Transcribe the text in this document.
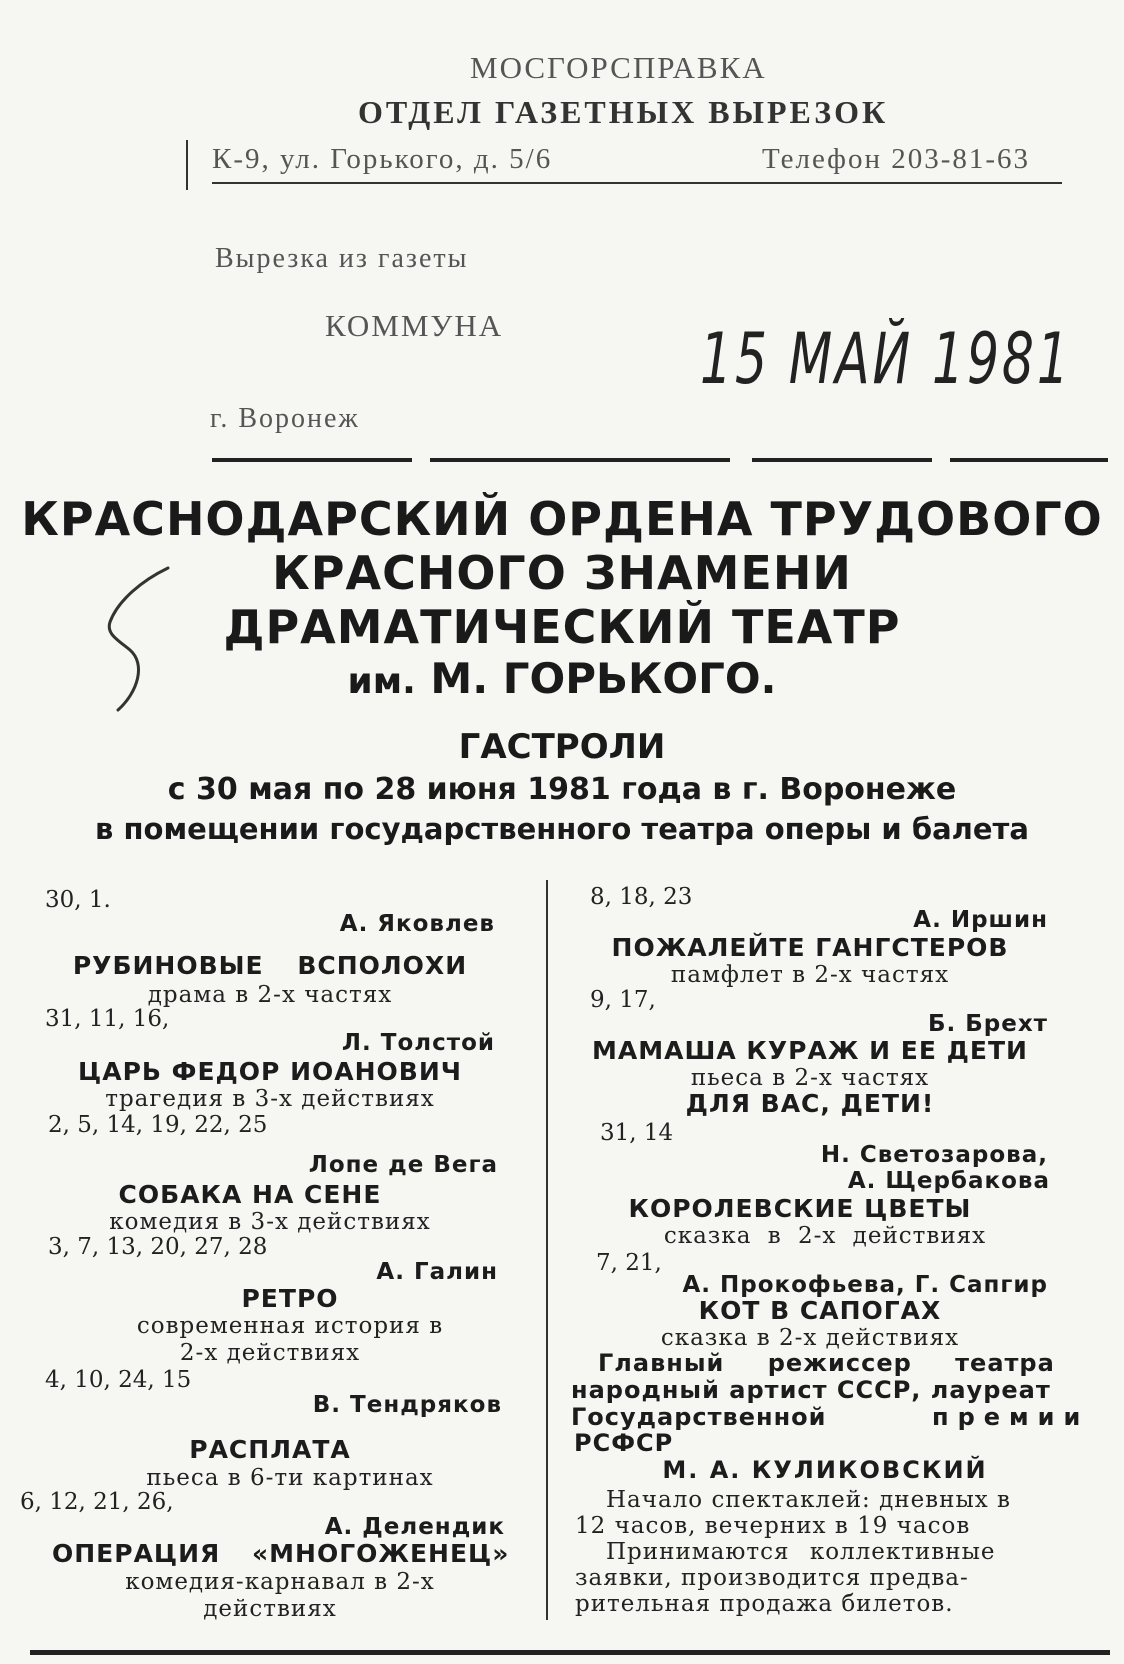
МОСГОРСПРАВКА
ОТДЕЛ ГАЗЕТНЫХ ВЫРЕЗОК
К-9, ул. Горького, д. 5/6	Телефон 203-81-63
Вырезка из газеты
КОММУНА
г. Воронеж
15 МАЙ 1981
КРАСНОДАРСКИЙ ОРДЕНА ТРУДОВОГО
КРАСНОГО ЗНАМЕНИ
ДРАМАТИЧЕСКИЙ ТЕАТР
им. М. ГОРЬКОГО.
ГАСТРОЛИ
с 30 мая по 28 июня 1981 года в г. Воронеже
в помещении государственного театра оперы и балета
30, 1.
А. Яковлев
РУБИНОВЫЕ ВСПОЛОХИ
драма в 2-х частях
31, 11, 16,
Л. Толстой
ЦАРЬ ФЕДОР ИОАНОВИЧ
трагедия в 3-х действиях
2, 5, 14, 19, 22, 25
Лопе де Вега
СОБАКА НА СЕНЕ
комедия в 3-х действиях
3, 7, 13, 20, 27, 28
А. Галин
РЕТРО
современная история в
2-х действиях
4, 10, 24, 15
В. Тендряков
РАСПЛАТА
пьеса в 6-ти картинах
6, 12, 21, 26,
А. Делендик
ОПЕРАЦИЯ «МНОГОЖЕНЕЦ»
комедия-карнавал в 2-х
действиях
8, 18, 23
А. Иршин
ПОЖАЛЕЙТЕ ГАНГСТЕРОВ
памфлет в 2-х частях
9, 17,
Б. Брехт
МАМАША КУРАЖ И ЕЕ ДЕТИ
пьеса в 2-х частях
ДЛЯ ВАС, ДЕТИ!
31, 14
Н. Светозарова,
А. Щербакова
КОРОЛЕВСКИЕ ЦВЕТЫ
сказка в 2-х действиях
7, 21,
А. Прокофьева, Г. Сапгир
КОТ В САПОГАХ
сказка в 2-х действиях
Главный режиссер театра
народный артист СССР, лауреат
Государственной	премии
РСФСР
М. А. КУЛИКОВСКИЙ
Начало спектаклей: дневных в
12 часов, вечерних в 19 часов
Принимаются коллективные
заявки, производится предва-
рительная продажа билетов.
